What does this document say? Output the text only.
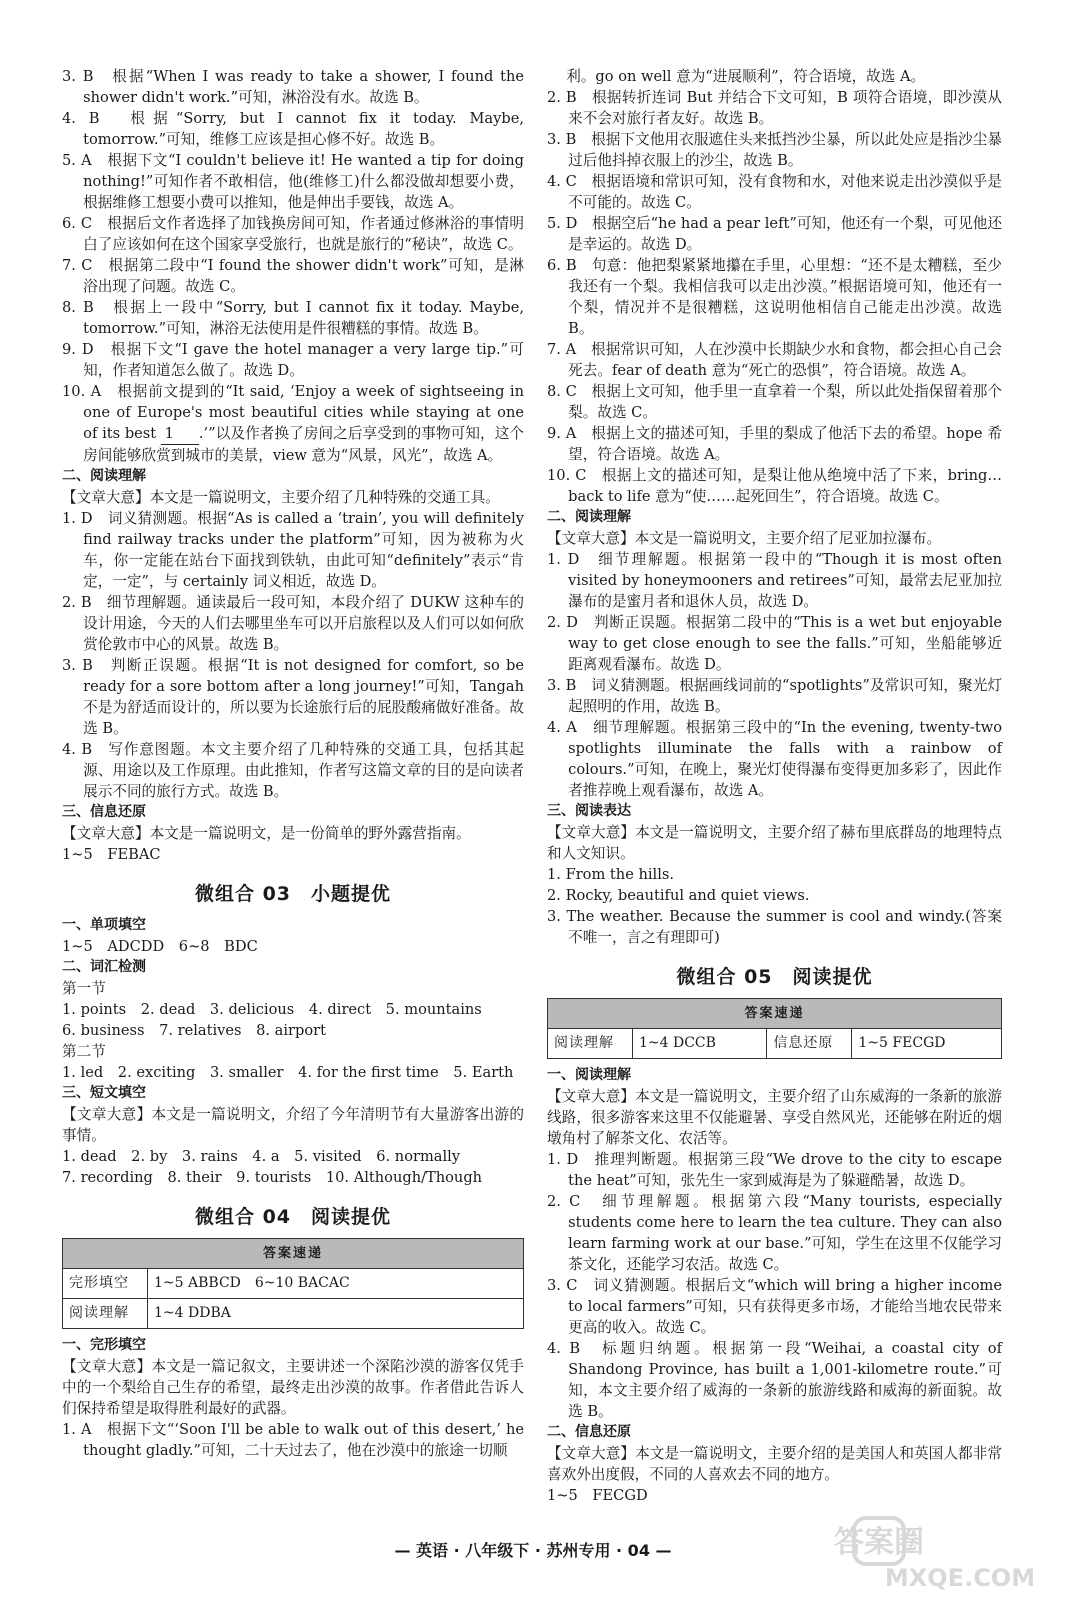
3. B　根据“When I was ready to take a shower, I found the shower didn't work.”可知，淋浴没有水。故选 B。

4. B　根据“Sorry, but I cannot fix it today. Maybe, tomorrow.”可知，维修工应该是担心修不好。故选 B。

5. A　根据下文“I couldn't believe it! He wanted a tip for doing nothing!”可知作者不敢相信，他(维修工)什么都没做却想要小费，根据维修工想要小费可以推知，他是伸出手要钱，故选 A。

6. C　根据后文作者选择了加钱换房间可知，作者通过修淋浴的事情明白了应该如何在这个国家享受旅行，也就是旅行的“秘诀”，故选 C。

7. C　根据第二段中“I found the shower didn't work”可知，是淋浴出现了问题。故选 C。

8. B　根据上一段中“Sorry, but I cannot fix it today. Maybe, tomorrow.”可知，淋浴无法使用是件很糟糕的事情。故选 B。

9. D　根据下文“I gave the hotel manager a very large tip.”可知，作者知道怎么做了。故选 D。

10. A　根据前文提到的“It said, ‘Enjoy a week of sightseeing in one of Europe's most beautiful cities while staying at one of its best 1 .’”以及作者换了房间之后享受到的事物可知，这个房间能够欣赏到城市的美景，view 意为“风景，风光”，故选 A。

二、阅读理解

【文章大意】本文是一篇说明文，主要介绍了几种特殊的交通工具。

1. D　词义猜测题。根据“As is called a ‘train’, you will definitely find railway tracks under the platform”可知，因为被称为火车，你一定能在站台下面找到铁轨，由此可知“definitely”表示“肯定，一定”，与 certainly 词义相近，故选 D。

2. B　细节理解题。通读最后一段可知，本段介绍了 DUKW 这种车的设计用途，今天的人们去哪里坐车可以开启旅程以及人们可以如何欣赏伦敦市中心的风景。故选 B。

3. B　判断正误题。根据“It is not designed for comfort, so be ready for a sore bottom after a long journey!”可知，Tangah 不是为舒适而设计的，所以要为长途旅行后的屁股酸痛做好准备。故选 B。

4. B　写作意图题。本文主要介绍了几种特殊的交通工具，包括其起源、用途以及工作原理。由此推知，作者写这篇文章的目的是向读者展示不同的旅行方式。故选 B。

三、信息还原

【文章大意】本文是一篇说明文，是一份简单的野外露营指南。

1~5　FEBAC

微组合 03　小题提优

一、单项填空

1~5　ADCDD　6~8　BDC

二、词汇检测

第一节

1. points　2. dead　3. delicious　4. direct　5. mountains

6. business　7. relatives　8. airport

第二节

1. led　2. exciting　3. smaller　4. for the first time　5. Earth

三、短文填空

【文章大意】本文是一篇说明文，介绍了今年清明节有大量游客出游的事情。

1. dead　2. by　3. rains　4. a　5. visited　6. normally

7. recording　8. their　9. tourists　10. Although/Though

微组合 04　阅读提优
答案速递	
完形填空	1~5 ABBCD　6~10 BACAC
阅读理解	1~4 DDBA

一、完形填空

【文章大意】本文是一篇记叙文，主要讲述一个深陷沙漠的游客仅凭手中的一个梨给自己生存的希望，最终走出沙漠的故事。作者借此告诉人们保持希望是取得胜利最好的武器。

1. A　根据下文“‘Soon I'll be able to walk out of this desert,’ he thought gladly.”可知，二十天过去了，他在沙漠中的旅途一切顺

　 利。go on well 意为“进展顺利”，符合语境，故选 A。

2. B　根据转折连词 But 并结合下文可知，B 项符合语境，即沙漠从来不会对旅行者友好。故选 B。

3. B　根据下文他用衣服遮住头来抵挡沙尘暴，所以此处应是指沙尘暴过后他抖掉衣服上的沙尘，故选 B。

4. C　根据语境和常识可知，没有食物和水，对他来说走出沙漠似乎是不可能的。故选 C。

5. D　根据空后“he had a pear left”可知，他还有一个梨，可见他还是幸运的。故选 D。

6. B　句意：他把梨紧紧地攥在手里，心里想：“还不是太糟糕，至少我还有一个梨。我相信我可以走出沙漠。”根据语境可知，他还有一个梨，情况并不是很糟糕，这说明他相信自己能走出沙漠。故选 B。

7. A　根据常识可知，人在沙漠中长期缺少水和食物，都会担心自己会死去。fear of death 意为“死亡的恐惧”，符合语境。故选 A。

8. C　根据上文可知，他手里一直拿着一个梨，所以此处指保留着那个梨。故选 C。

9. A　根据上文的描述可知，手里的梨成了他活下去的希望。hope 希望，符合语境。故选 A。

10. C　根据上文的描述可知，是梨让他从绝境中活了下来，bring… back to life 意为“使……起死回生”，符合语境。故选 C。

二、阅读理解

【文章大意】本文是一篇说明文，主要介绍了尼亚加拉瀑布。

1. D　细节理解题。根据第一段中的“Though it is most often visited by honeymooners and retirees”可知，最常去尼亚加拉瀑布的是蜜月者和退休人员，故选 D。

2. D　判断正误题。根据第二段中的“This is a wet but enjoyable way to get close enough to see the falls.”可知，坐船能够近距离观看瀑布。故选 D。

3. B　词义猜测题。根据画线词前的“spotlights”及常识可知，聚光灯起照明的作用，故选 B。

4. A　细节理解题。根据第三段中的“In the evening, twenty-two spotlights illuminate the falls with a rainbow of colours.”可知，在晚上，聚光灯使得瀑布变得更加多彩了，因此作者推荐晚上观看瀑布，故选 A。

三、阅读表达

【文章大意】本文是一篇说明文，主要介绍了赫布里底群岛的地理特点和人文知识。

1. From the hills.

2. Rocky, beautiful and quiet views.

3. The weather. Because the summer is cool and windy.(答案不唯一，言之有理即可)

微组合 05　阅读提优
答案速递
阅读理解	1~4 DCCB	信息还原	1~5 FECGD

一、阅读理解

【文章大意】本文是一篇说明文，主要介绍了山东威海的一条新的旅游线路，很多游客来这里不仅能避暑、享受自然风光，还能够在附近的烟墩角村了解茶文化、农活等。

1. D　推理判断题。根据第三段“We drove to the city to escape the heat”可知，张先生一家到威海是为了躲避酷暑，故选 D。

2. C　细节理解题。根据第六段“Many tourists, especially students come here to learn the tea culture. They can also learn farming work at our base.”可知，学生在这里不仅能学习茶文化，还能学习农活。故选 C。

3. C　词义猜测题。根据后文“which will bring a higher income to local farmers”可知，只有获得更多市场，才能给当地农民带来更高的收入。故选 C。

4. B　标题归纳题。根据第一段“Weihai, a coastal city of Shandong Province, has built a 1,001-kilometre route.”可知，本文主要介绍了威海的一条新的旅游线路和威海的新面貌。故选 B。

二、信息还原

【文章大意】本文是一篇说明文，主要介绍的是美国人和英国人都非常喜欢外出度假，不同的人喜欢去不同的地方。

1~5　FECGD

— 英语 · 八年级下 · 苏州专用 · 04 —	答案圈
MXQE.COM
